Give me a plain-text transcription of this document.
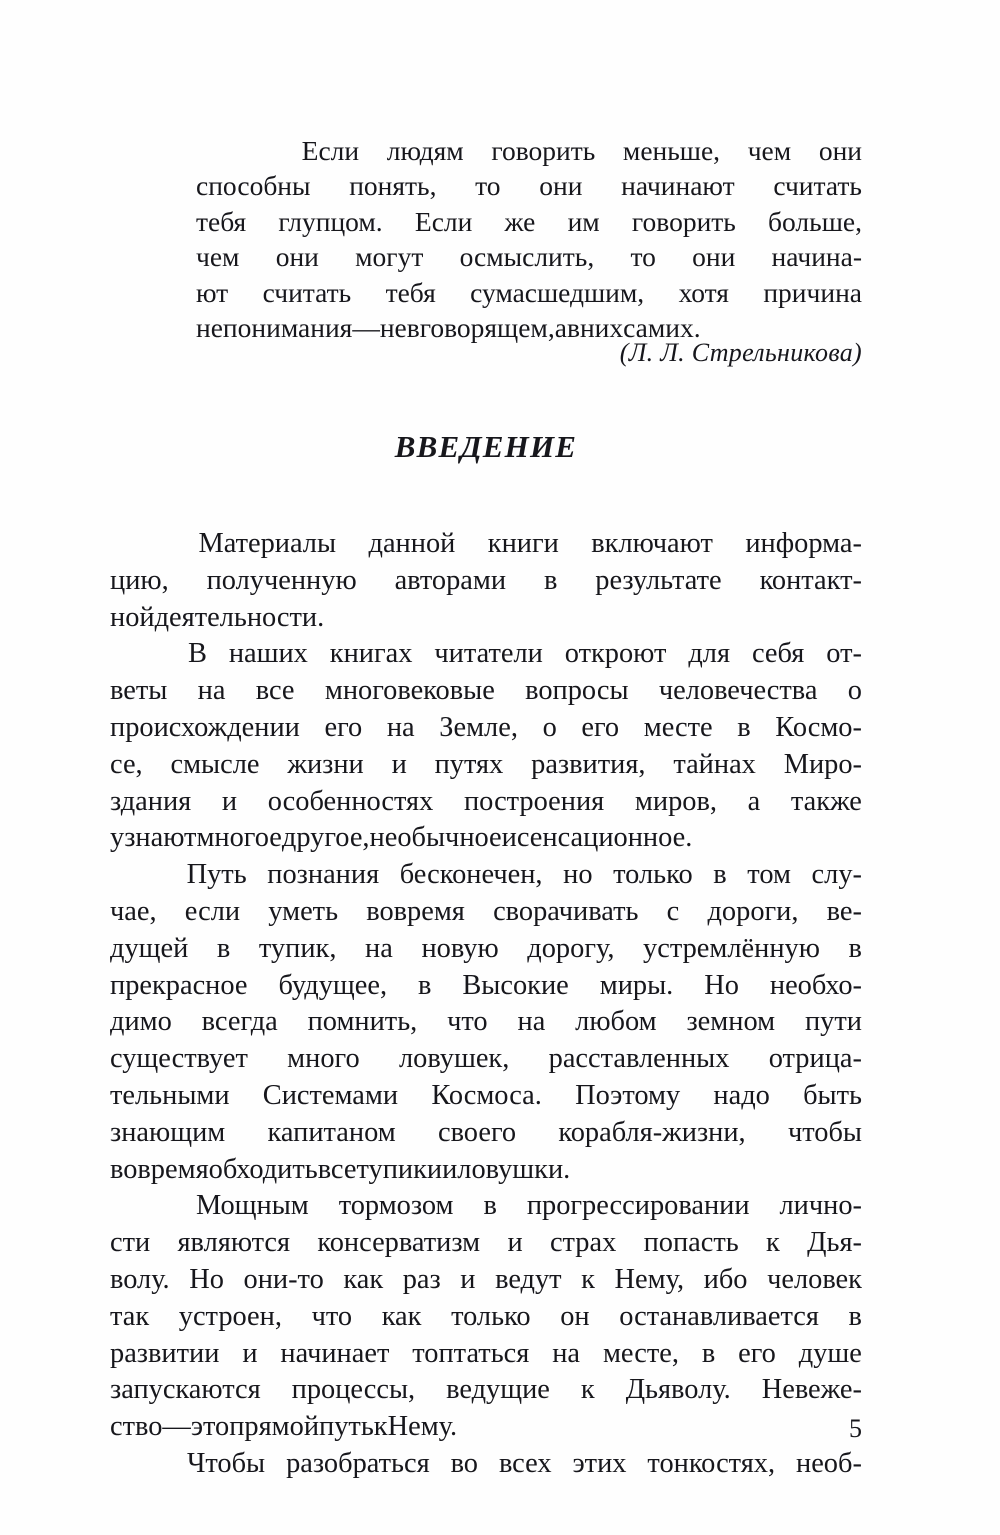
Если людям говорить меньше, чем они
способны понять, то они начинают считать
тебя глупцом. Если же им говорить больше,
чем они могут осмыслить, то они начина-
ют считать тебя сумасшедшим, хотя причина
непонимания — не в говорящем, а в них самих.
(Л. Л. Стрельникова)
ВВЕДЕНИЕ
Материалы данной книги включают информа-
цию, полученную авторами в результате контакт-
ной деятельности.
В наших книгах читатели откроют для себя от-
веты на все многовековые вопросы человечества о
происхождении его на Земле, о его месте в Космо-
се, смысле жизни и путях развития, тайнах Миро-
здания и особенностях построения миров, а также
узнают многое другое, необычное и сенсационное.
Путь познания бесконечен, но только в том слу-
чае, если уметь вовремя сворачивать с дороги, ве-
дущей в тупик, на новую дорогу, устремлённую в
прекрасное будущее, в Высокие миры. Но необхо-
димо всегда помнить, что на любом земном пути
существует много ловушек, расставленных отрица-
тельными Системами Космоса. Поэтому надо быть
знающим капитаном своего корабля-жизни, чтобы
вовремя обходить все тупики и ловушки.
Мощным тормозом в прогрессировании лично-
сти являются консерватизм и страх попасть к Дья-
волу. Но они-то как раз и ведут к Нему, ибо человек
так устроен, что как только он останавливается в
развитии и начинает топтаться на месте, в его душе
запускаются процессы, ведущие к Дьяволу. Невеже-
ство — это прямой путь к Нему.
Чтобы разобраться во всех этих тонкостях, необ-
5
